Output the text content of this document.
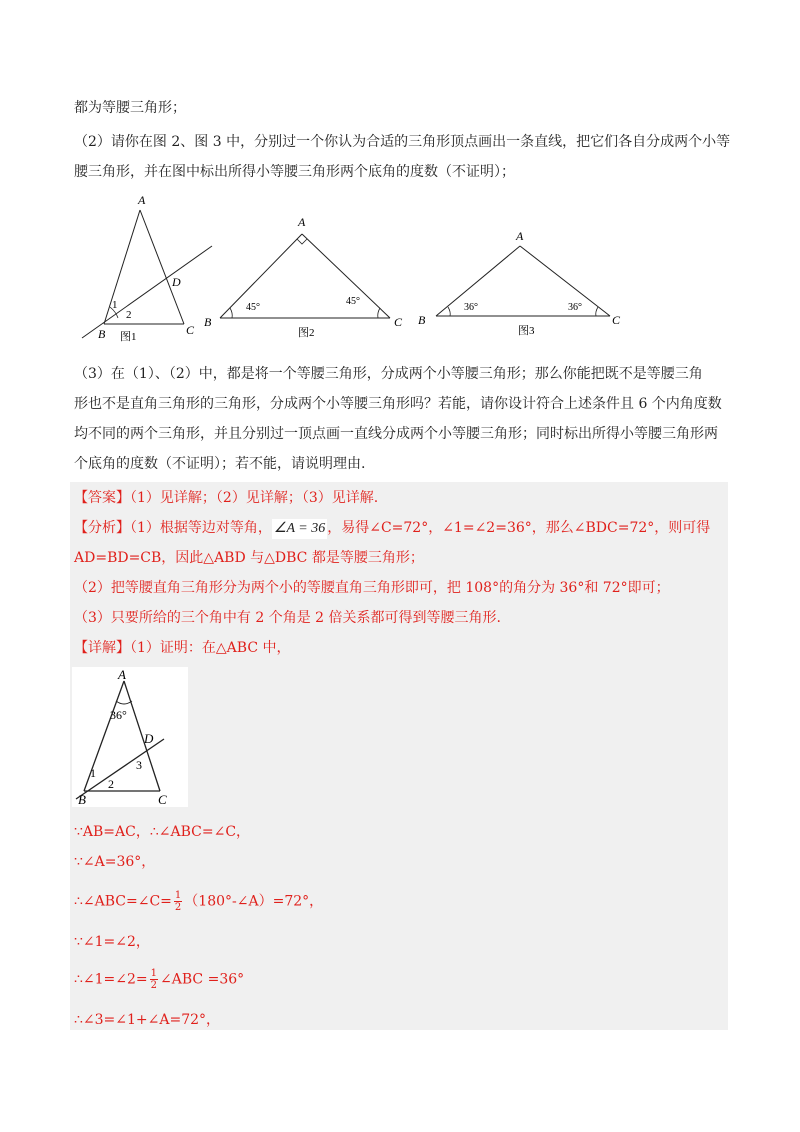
都为等腰三角形；
（2）请你在图 2、图 3 中，分别过一个你认为合适的三角形顶点画出一条直线，把它们各自分成两个小等
腰三角形，并在图中标出所得小等腰三角形两个底角的度数（不证明）；
A
B	C
D
1
2
图1
A
B	C
45°
45°
图2
A
B	C
36°	36°
图3
（3）在（1）、（2）中，都是将一个等腰三角形，分成两个小等腰三角形；那么你能把既不是等腰三角
形也不是直角三角形的三角形，分成两个小等腰三角形吗？若能，请你设计符合上述条件且 6 个内角度数
均不同的两个三角形，并且分别过一顶点画一直线分成两个小等腰三角形；同时标出所得小等腰三角形两
个底角的度数（不证明）；若不能，请说明理由.
【答案】（1）见详解；（2）见详解；（3）见详解.
【分析】（1）根据等边对等角， ∠A = 36 ，易得∠C=72°，∠1=∠2=36°，那么∠BDC=72°，则可得
AD=BD=CB，因此△ABD 与△DBC 都是等腰三角形；
（2）把等腰直角三角形分为两个小的等腰直角三角形即可，把 108°的角分为 36°和 72°即可；
（3）只要所给的三个角中有 2 个角是 2 倍关系都可得到等腰三角形.
【详解】（1）证明：在△ABC 中，
A
B	C
D
36°
1
2
3
∵AB=AC，∴∠ABC=∠C，
∵∠A=36°，
∴∠ABC=∠C= $\frac{1}{2}$ （180°-∠A）=72°，
∵∠1=∠2，
∴∠1=∠2= $\frac{1}{2}$ ∠ABC =36°
∴∠3=∠1+∠A=72°，
